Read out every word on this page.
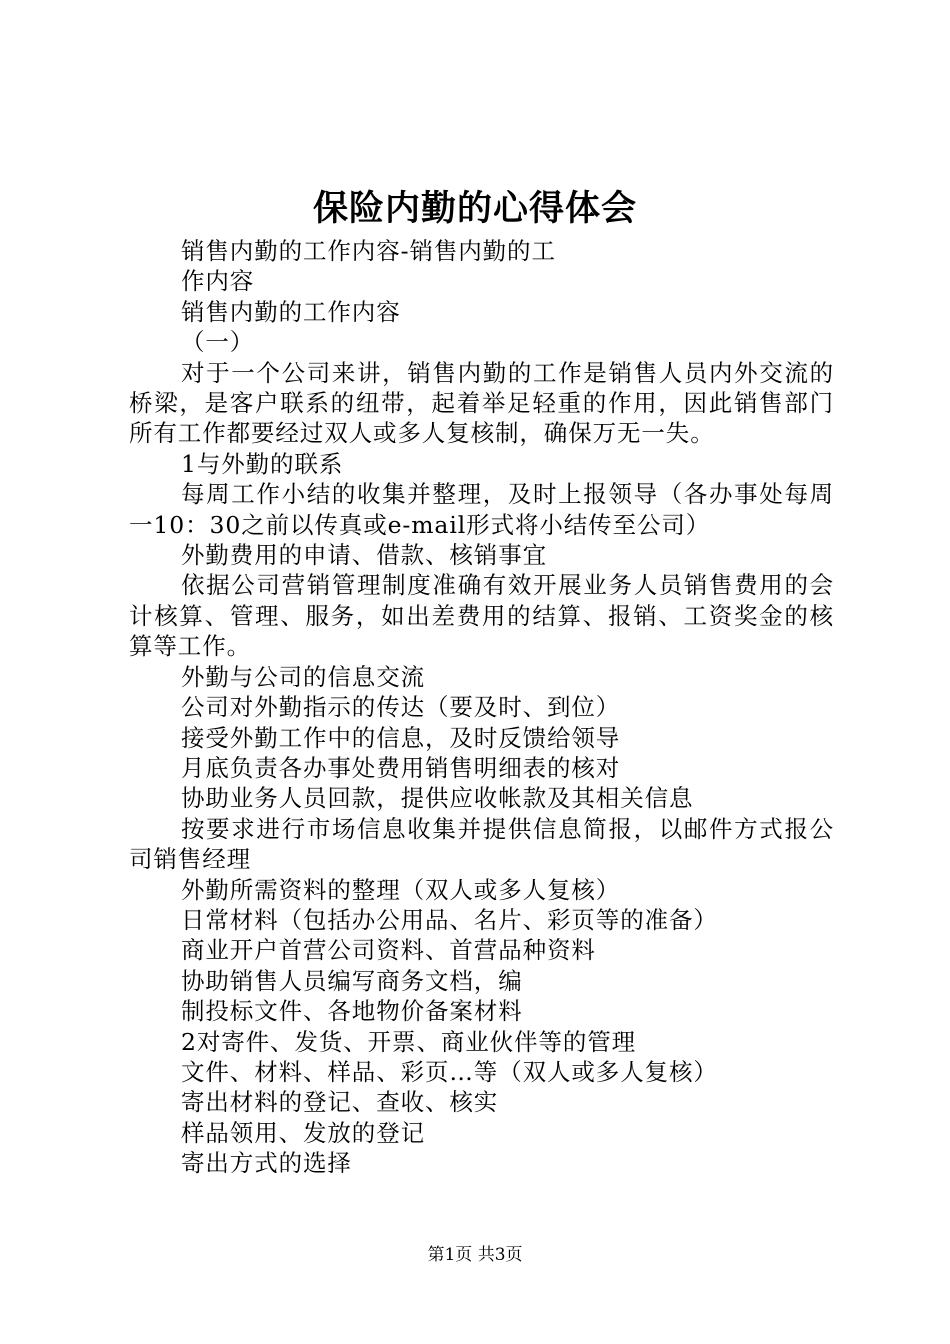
保险内勤的心得体会

销售内勤的工作内容-销售内勤的工

作内容

销售内勤的工作内容

（一）

对于一个公司来讲，销售内勤的工作是销售人员内外交流的桥梁，是客户联系的纽带，起着举足轻重的作用，因此销售部门所有工作都要经过双人或多人复核制，确保万无一失。

1与外勤的联系

每周工作小结的收集并整理，及时上报领导（各办事处每周一10：30之前以传真或e-mail形式将小结传至公司）

外勤费用的申请、借款、核销事宜

依据公司营销管理制度准确有效开展业务人员销售费用的会计核算、管理、服务，如出差费用的结算、报销、工资奖金的核算等工作。

外勤与公司的信息交流

公司对外勤指示的传达（要及时、到位）

接受外勤工作中的信息，及时反馈给领导

月底负责各办事处费用销售明细表的核对

协助业务人员回款，提供应收帐款及其相关信息

按要求进行市场信息收集并提供信息简报，以邮件方式报公司销售经理

外勤所需资料的整理（双人或多人复核）

日常材料（包括办公用品、名片、彩页等的准备）

商业开户首营公司资料、首营品种资料

协助销售人员编写商务文档，编

制投标文件、各地物价备案材料

2对寄件、发货、开票、商业伙伴等的管理

文件、材料、样品、彩页…等（双人或多人复核）

寄出材料的登记、查收、核实

样品领用、发放的登记

寄出方式的选择

第1页 共3页
